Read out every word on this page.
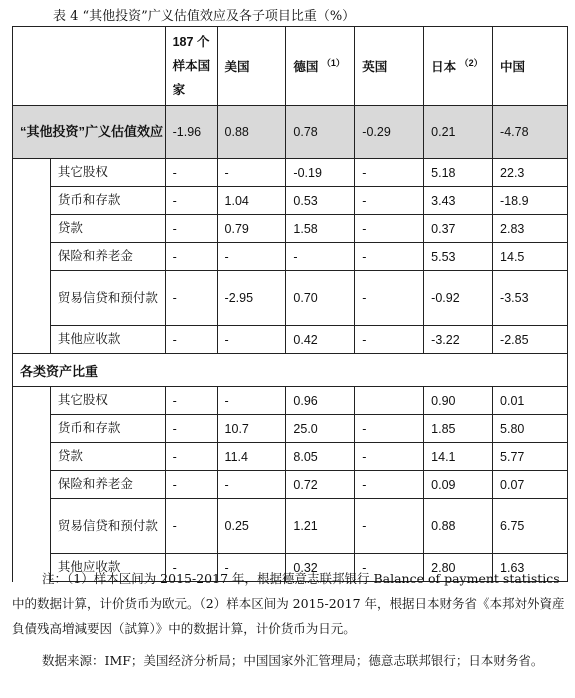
表 4 “其他投资”广义估值效应及各子项目比重（%）
		187 个样本国家	美国	德国 $^{(1)}$	英国	日本 $^{(2)}$	中国
“其他投资”广义估值效应		-1.96	0.88	0.78	-0.29	0.21	-4.78
	其它股权	-	-	-0.19	-	5.18	22.3
	货币和存款	-	1.04	0.53	-	3.43	-18.9
	贷款	-	0.79	1.58	-	0.37	2.83
	保险和养老金	-	-	-	-	5.53	14.5
	贸易信贷和预付款	-	-2.95	0.70	-	-0.92	-3.53
	其他应收款	-	-	0.42	-	-3.22	-2.85
各类资产比重							
	其它股权	-	-	0.96		0.90	0.01
	货币和存款	-	10.7	25.0	-	1.85	5.80
	贷款	-	11.4	8.05	-	14.1	5.77
	保险和养老金	-	-	0.72	-	0.09	0.07
	贸易信贷和预付款	-	0.25	1.21	-	0.88	6.75
	其他应收款	-	-	0.32	-	2.80	1.63

注：（1）样本区间为 2015-2017 年，根据德意志联邦银行 Balance of payment statistics 中的数据计算，计价货币为欧元。（2）样本区间为 2015-2017 年，根据日本财务省《本邦対外資産負債残高増減要因（試算）》中的数据计算，计价货币为日元。

数据来源：IMF；美国经济分析局；中国国家外汇管理局；德意志联邦银行；日本财务省。
